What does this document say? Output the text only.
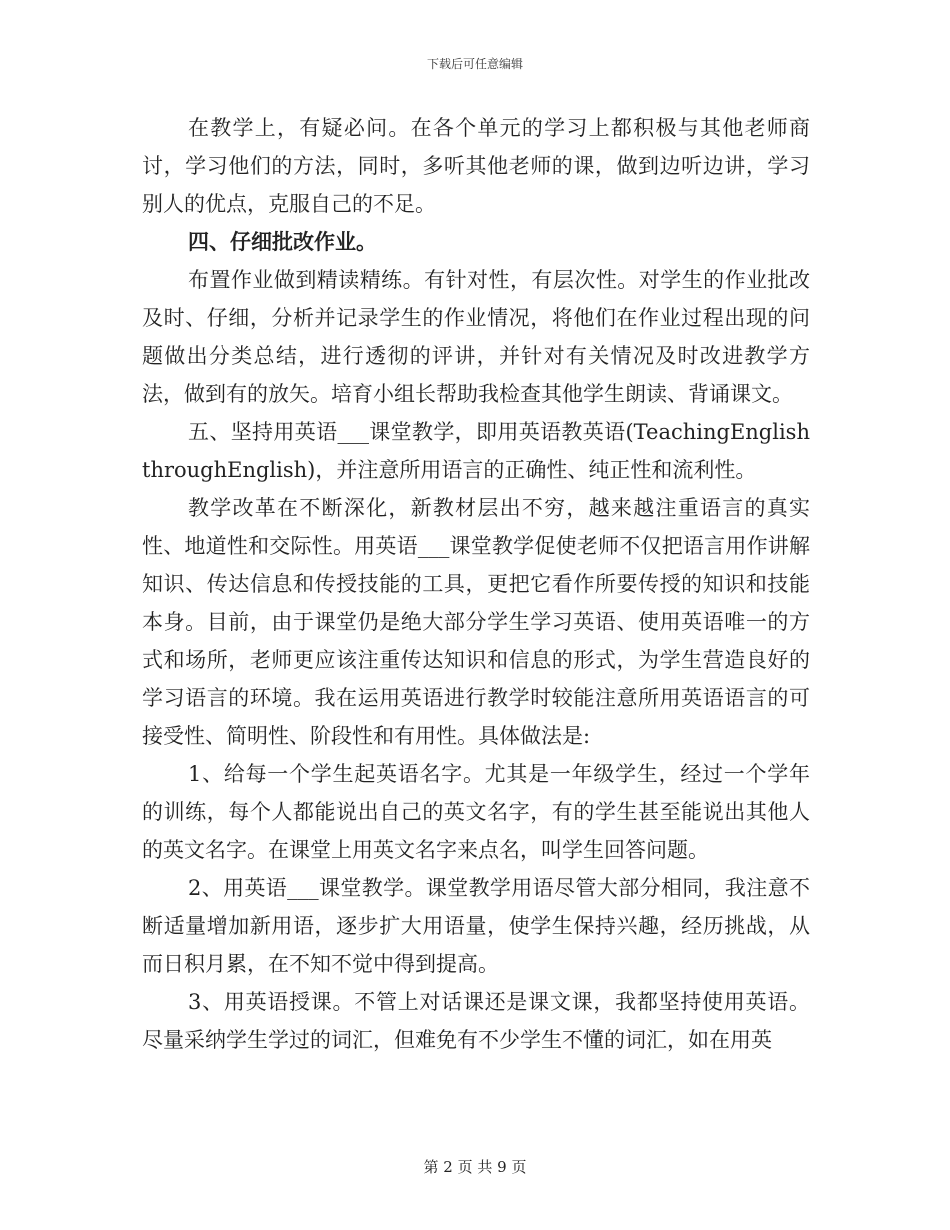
下载后可任意编辑

在教学上，有疑必问。在各个单元的学习上都积极与其他老师商讨，学习他们的方法，同时，多听其他老师的课，做到边听边讲，学习别人的优点，克服自己的不足。

四、仔细批改作业。

布置作业做到精读精练。有针对性，有层次性。对学生的作业批改及时、仔细，分析并记录学生的作业情况，将他们在作业过程出现的问题做出分类总结，进行透彻的评讲，并针对有关情况及时改进教学方法，做到有的放矢。培育小组长帮助我检查其他学生朗读、背诵课文。

五、坚持用英语___课堂教学，即用英语教英语(TeachingEnglishthroughEnglish)，并注意所用语言的正确性、纯正性和流利性。

教学改革在不断深化，新教材层出不穷，越来越注重语言的真实性、地道性和交际性。用英语___课堂教学促使老师不仅把语言用作讲解知识、传达信息和传授技能的工具，更把它看作所要传授的知识和技能本身。目前，由于课堂仍是绝大部分学生学习英语、使用英语唯一的方式和场所，老师更应该注重传达知识和信息的形式，为学生营造良好的学习语言的环境。我在运用英语进行教学时较能注意所用英语语言的可接受性、简明性、阶段性和有用性。具体做法是:

1、给每一个学生起英语名字。尤其是一年级学生，经过一个学年的训练，每个人都能说出自己的英文名字，有的学生甚至能说出其他人的英文名字。在课堂上用英文名字来点名，叫学生回答问题。

2、用英语___课堂教学。课堂教学用语尽管大部分相同，我注意不断适量增加新用语，逐步扩大用语量，使学生保持兴趣，经历挑战，从而日积月累，在不知不觉中得到提高。

3、用英语授课。不管上对话课还是课文课，我都坚持使用英语。尽量采纳学生学过的词汇，但难免有不少学生不懂的词汇，如在用英

第 2 页 共 9 页
